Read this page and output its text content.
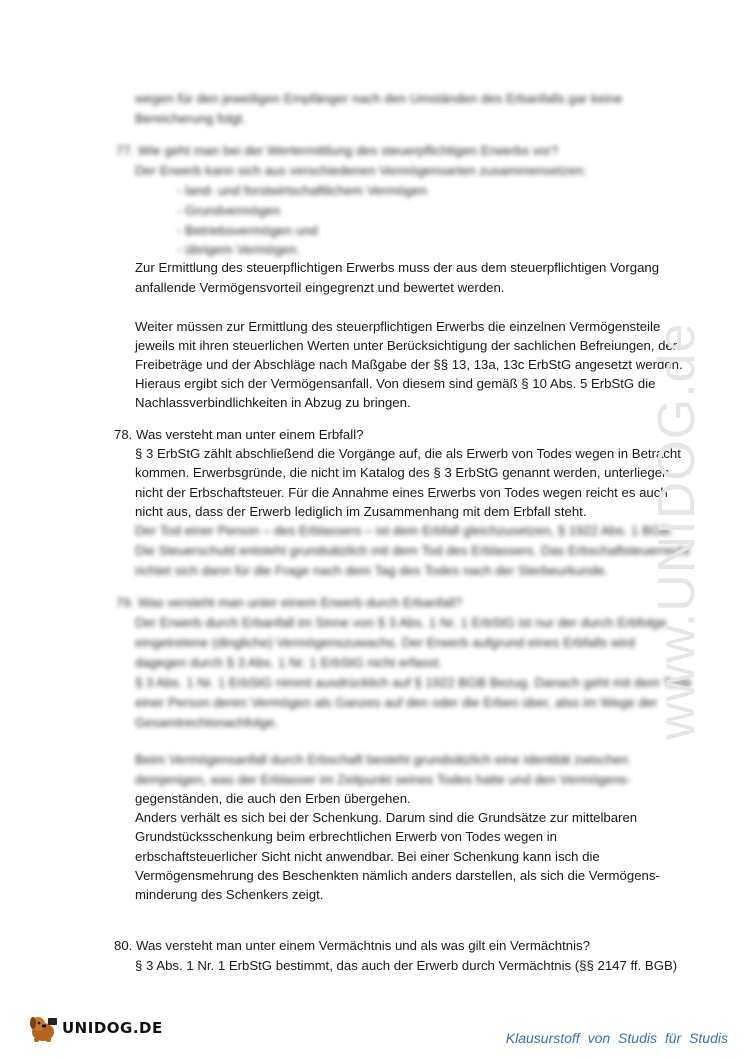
wegen für den jeweiligen Empfänger nach den Umständen des Erbanfalls gar keine
Bereicherung folgt.
77. Wie geht man bei der Wertermittlung des steuerpflichtigen Erwerbs vor?
Der Erwerb kann sich aus verschiedenen Vermögensarten zusammensetzen:
- land- und forstwirtschaftlichem Vermögen
- Grundvermögen
- Betriebsvermögen und
- übrigem Vermögen.
Zur Ermittlung des steuerpflichtigen Erwerbs muss der aus dem steuerpflichtigen Vorgang
anfallende Vermögensvorteil eingegrenzt und bewertet werden.
Weiter müssen zur Ermittlung des steuerpflichtigen Erwerbs die einzelnen Vermögensteile
jeweils mit ihren steuerlichen Werten unter Berücksichtigung der sachlichen Befreiungen, der
Freibeträge und der Abschläge nach Maßgabe der §§ 13, 13a, 13c ErbStG angesetzt werden.
Hieraus ergibt sich der Vermögensanfall. Von diesem sind gemäß § 10 Abs. 5 ErbStG die
Nachlassverbindlichkeiten in Abzug zu bringen.
78. Was versteht man unter einem Erbfall?
§ 3 ErbStG zählt abschließend die Vorgänge auf, die als Erwerb von Todes wegen in Betracht
kommen. Erwerbsgründe, die nicht im Katalog des § 3 ErbStG genannt werden, unterliegen
nicht der Erbschaftsteuer. Für die Annahme eines Erwerbs von Todes wegen reicht es auch
nicht aus, dass der Erwerb lediglich im Zusammenhang mit dem Erbfall steht.
Der Tod einer Person – des Erblassers – ist dem Erbfall gleichzusetzen, § 1922 Abs. 1 BGB.
Die Steuerschuld entsteht grundsätzlich mit dem Tod des Erblassers. Das Erbschaftsteuerrecht
richtet sich dann für die Frage nach dem Tag des Todes nach der Sterbeurkunde.
79. Was versteht man unter einem Erwerb durch Erbanfall?
Der Erwerb durch Erbanfall im Sinne von § 3 Abs. 1 Nr. 1 ErbStG ist nur der durch Erbfolge
eingetretene (dingliche) Vermögenszuwachs. Der Erwerb aufgrund eines Erbfalls wird
dagegen durch § 3 Abs. 1 Nr. 1 ErbStG nicht erfasst.
§ 3 Abs. 1 Nr. 1 ErbStG nimmt ausdrücklich auf § 1922 BGB Bezug. Danach geht mit dem Tode
einer Person deren Vermögen als Ganzes auf den oder die Erben über, also im Wege der
Gesamtrechtsnachfolge.
Beim Vermögensanfall durch Erbschaft besteht grundsätzlich eine Identität zwischen
demjenigen, was der Erblasser im Zeitpunkt seines Todes hatte und den Vermögens-
gegenständen, die auch den Erben übergehen.
Anders verhält es sich bei der Schenkung. Darum sind die Grundsätze zur mittelbaren
Grundstücksschenkung beim erbrechtlichen Erwerb von Todes wegen in
erbschaftsteuerlicher Sicht nicht anwendbar. Bei einer Schenkung kann isch die
Vermögensmehrung des Beschenkten nämlich anders darstellen, als sich die Vermögens-
minderung des Schenkers zeigt.
80. Was versteht man unter einem Vermächtnis und als was gilt ein Vermächtnis?
§ 3 Abs. 1 Nr. 1 ErbStG bestimmt, das auch der Erwerb durch Vermächtnis (§§ 2147 ff. BGB)
www.UNIDOG.de
UNIDOG.DE
Klausurstoff von Studis für Studis
